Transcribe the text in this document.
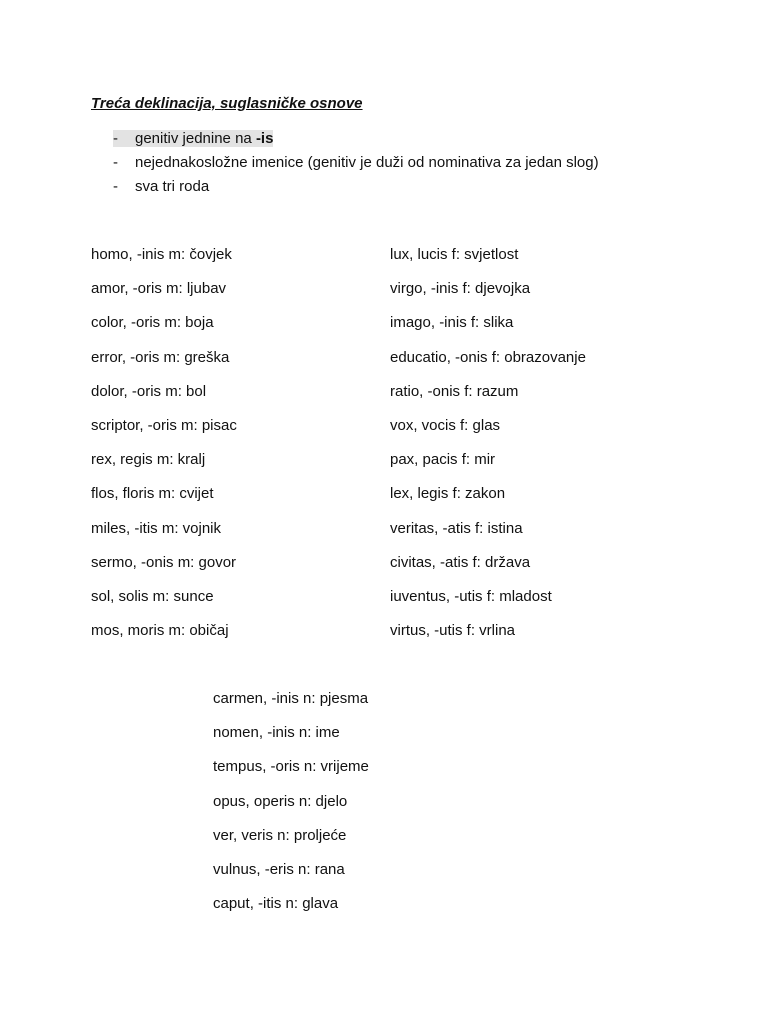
Treća deklinacija, suglasničke osnove
- genitiv jednine na -is
- nejednakosložne imenice (genitiv je duži od nominativa za jedan slog)
- sva tri roda
homo, -inis m: čovjek
amor, -oris m: ljubav
color, -oris m: boja
error, -oris m: greška
dolor, -oris m: bol
scriptor, -oris m: pisac
rex, regis m: kralj
flos, floris m: cvijet
miles, -itis m: vojnik
sermo, -onis m: govor
sol, solis m: sunce
mos, moris m: običaj
lux, lucis f: svjetlost
virgo, -inis f: djevojka
imago, -inis f: slika
educatio, -onis f: obrazovanje
ratio, -onis f: razum
vox, vocis f: glas
pax, pacis f: mir
lex, legis f: zakon
veritas, -atis f: istina
civitas, -atis f: država
iuventus, -utis f: mladost
virtus, -utis f: vrlina
carmen, -inis n: pjesma
nomen, -inis n: ime
tempus, -oris n: vrijeme
opus, operis n: djelo
ver, veris n: proljeće
vulnus, -eris n: rana
caput, -itis n: glava
